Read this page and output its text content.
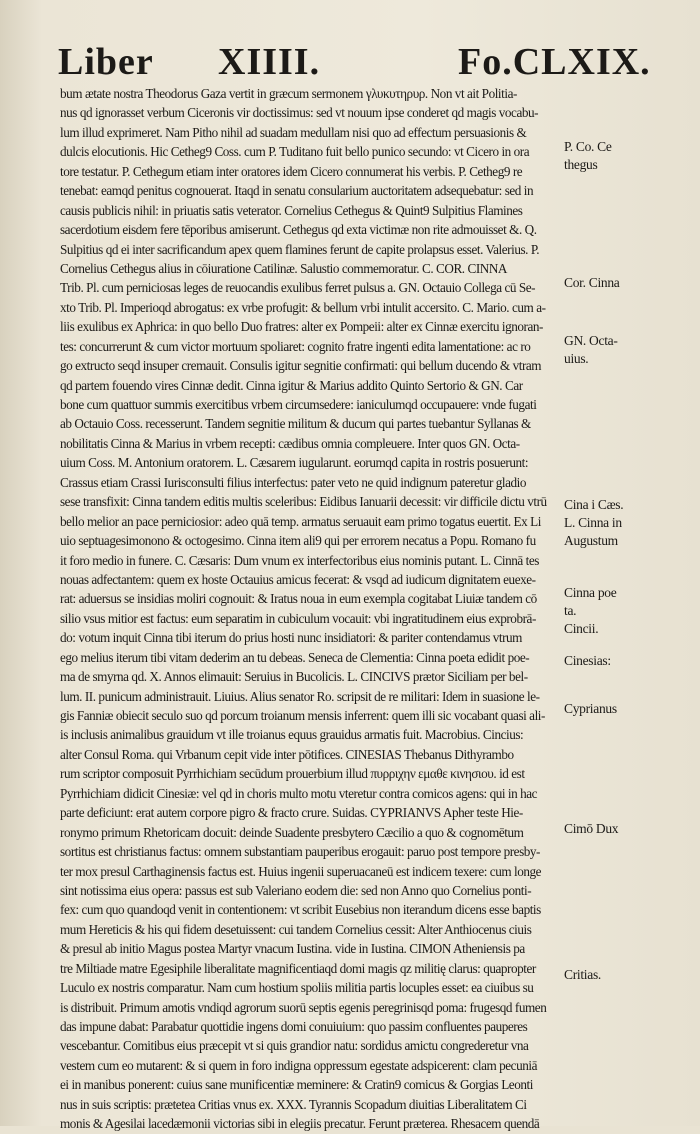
Liber XIIII.	Fo.CLXIX.
bum ætate nostra Theodorus Gaza vertit in græcum sermonem γλυκυτηρυρ. Non vt ait Politia-
nus qd ignorasset verbum Ciceronis vir doctissimus: sed vt nouum ipse conderet qd magis vocabu-
lum illud exprimeret. Nam Pitho nihil ad suadam medullam nisi quo ad effectum persuasionis &
dulcis elocutionis. Hic Cetheg9 Coss. cum P. Tuditano fuit bello punico secundo: vt Cicero in ora
tore testatur. P. Cethegum etiam inter oratores idem Cicero connumerat his verbis. P. Cetheg9 re
tenebat: eamqd penitus cognouerat. Itaqd in senatu consularium auctoritatem adsequebatur: sed in
causis publicis nihil: in priuatis satis veterator. Cornelius Cethegus & Quint9 Sulpitius Flamines
sacerdotium eisdem fere tēporibus amiserunt. Cethegus qd exta victimæ non rite admouisset &. Q.
Sulpitius qd ei inter sacrificandum apex quem flamines ferunt de capite prolapsus esset. Valerius. P.
Cornelius Cethegus alius in cōiuratione Catilinæ. Salustio commemoratur. C. COR. CINNA
Trib. Pl. cum perniciosas leges de reuocandis exulibus ferret pulsus a. GN. Octauio Collega cū Se-
xto Trib. Pl. Imperioqd abrogatus: ex vrbe profugit: & bellum vrbi intulit accersito. C. Mario. cum a-
liis exulibus ex Aphrica: in quo bello Duo fratres: alter ex Pompeii: alter ex Cinnæ exercitu ignoran-
tes: concurrerunt & cum victor mortuum spoliaret: cognito fratre ingenti edita lamentatione: ac ro
go extructo seqd insuper cremauit. Consulis igitur segnitie confirmati: qui bellum ducendo & vtram
qd partem fouendo vires Cinnæ dedit. Cinna igitur & Marius addito Quinto Sertorio & GN. Car
bone cum quattuor summis exercitibus vrbem circumsedere: ianiculumqd occupauere: vnde fugati
ab Octauio Coss. recesserunt. Tandem segnitie militum & ducum qui partes tuebantur Syllanas &
nobilitatis Cinna & Marius in vrbem recepti: cædibus omnia compleuere. Inter quos GN. Octa-
uium Coss. M. Antonium oratorem. L. Cæsarem iugularunt. eorumqd capita in rostris posuerunt:
Crassus etiam Crassi Iurisconsulti filius interfectus: pater veto ne quid indignum pateretur gladio
sese transfixit: Cinna tandem editis multis sceleribus: Eidibus Ianuarii decessit: vir difficile dictu vtrū
bello melior an pace perniciosior: adeo quā temp. armatus seruauit eam primo togatus euertit. Ex Li
uio septuagesimonono & octogesimo. Cinna item ali9 qui per errorem necatus a Popu. Romano fu
it foro medio in funere. C. Cæsaris: Dum vnum ex interfectoribus eius nominis putant. L. Cinnā tes
nouas adfectantem: quem ex hoste Octauius amicus fecerat: & vsqd ad iudicum dignitatem euexe-
rat: aduersus se insidias moliri cognouit: & Iratus noua in eum exempla cogitabat Liuiæ tandem cō
silio vsus mitior est factus: eum separatim in cubiculum vocauit: vbi ingratitudinem eius exprobrā-
do: votum inquit Cinna tibi iterum do prius hosti nunc insidiatori: & pariter contendamus vtrum
ego melius iterum tibi vitam dederim an tu debeas. Seneca de Clementia: Cinna poeta edidit poe-
ma de smyrna qd. X. Annos elimauit: Seruius in Bucolicis. L. CINCIVS prætor Siciliam per bel-
lum. II. punicum administrauit. Liuius. Alius senator Ro. scripsit de re militari: Idem in suasione le-
gis Fanniæ obiecit seculo suo qd porcum troianum mensis inferrent: quem illi sic vocabant quasi ali-
is inclusis animalibus grauidum vt ille troianus equus grauidus armatis fuit. Macrobius. Cincius:
alter Consul Roma. qui Vrbanum cepit vide inter pōtifices. CINESIAS Thebanus Dithyrambo
rum scriptor composuit Pyrrhichiam secūdum prouerbium illud πυρριχην εμαθε κινησιου. id est
Pyrrhichiam didicit Cinesiæ: vel qd in choris multo motu vteretur contra comicos agens: qui in hac
parte deficiunt: erat autem corpore pigro & fracto crure. Suidas. CYPRIANVS Apher teste Hie-
ronymo primum Rhetoricam docuit: deinde Suadente presbytero Cæcilio a quo & cognomētum
sortitus est christianus factus: omnem substantiam pauperibus erogauit: paruo post tempore presby-
ter mox presul Carthaginensis factus est. Huius ingenii superuacaneū est indicem texere: cum longe
sint notissima eius opera: passus est sub Valeriano eodem die: sed non Anno quo Cornelius ponti-
fex: cum quo quandoqd venit in contentionem: vt scribit Eusebius non iterandum dicens esse baptis
mum Hereticis & his qui fidem desetuissent: cui tandem Cornelius cessit: Alter Anthiocenus ciuis
& presul ab initio Magus postea Martyr vnacum Iustina. vide in Iustina. CIMON Atheniensis pa
tre Miltiade matre Egesiphile liberalitate magnificentiaqd domi magis qz militię clarus: quapropter
Luculo ex nostris comparatur. Nam cum hostium spoliis militia partis locuples esset: ea ciuibus su
is distribuit. Primum amotis vndiqd agrorum suorū septis egenis peregrinisqd poma: frugesqd fumen
das impune dabat: Parabatur quottidie ingens domi conuiuium: quo passim confluentes pauperes
vescebantur. Comitibus eius præcepit vt si quis grandior natu: sordidus amictu congrederetur vna
vestem cum eo mutarent: & si quem in foro indigna oppressum egestate adspicerent: clam pecuniā
ei in manibus ponerent: cuius sane munificentiæ meminere: & Cratin9 comicus & Gorgias Leonti
nus in suis scriptis: prætetea Critias vnus ex. XXX. Tyrannis Scopadum diuitias Liberalitatem Ci
monis & Agesilai lacedæmonii victorias sibi in elegiis precatur. Ferunt præterea. Rhesacem quendā
P. Co. Ce
thegus
Cor. Cinna
GN. Octa-
uius.
Cina i Cæs.
L. Cinna in
Augustum
Cinna poe
ta.
Cincii.
Cinesias:
Cyprianus
Cimō Dux
Critias.
